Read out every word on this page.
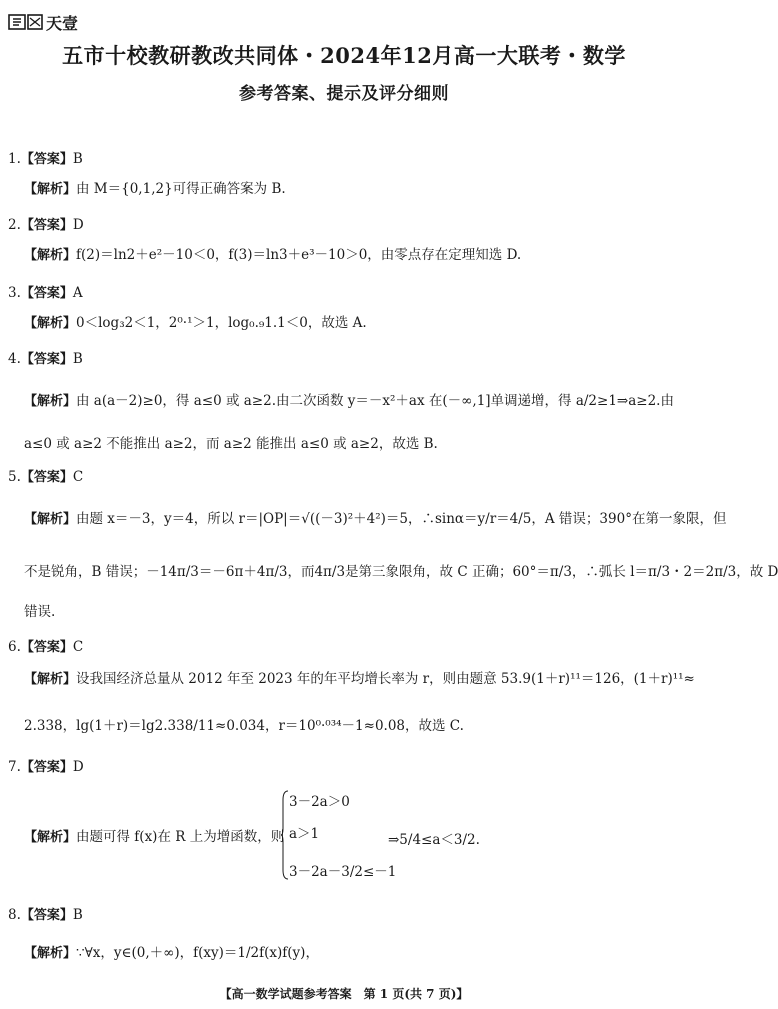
天壹
五市十校教研教改共同体・2024年12月高一大联考・数学
参考答案、提示及评分细则
1.【答案】B
【解析】由 M＝{0,1,2}可得正确答案为 B.
2.【答案】D
【解析】f(2)＝ln2＋e²－10＜0，f(3)＝ln3＋e³－10＞0，由零点存在定理知选 D.
3.【答案】A
【解析】0＜log₃2＜1，2⁰·¹＞1，log₀.₉1.1＜0，故选 A.
4.【答案】B
【解析】由 a(a－2)≥0，得 a≤0 或 a≥2.由二次函数 y＝－x²＋ax 在(－∞,1]单调递增，得 a/2≥1⇒a≥2.由
a≤0 或 a≥2 不能推出 a≥2，而 a≥2 能推出 a≤0 或 a≥2，故选 B.
5.【答案】C
【解析】由题 x＝－3，y＝4，所以 r＝|OP|＝√((－3)²＋4²)＝5，∴sinα＝y/r＝4/5，A 错误；390°在第一象限，但
不是锐角，B 错误；－14π/3＝－6π＋4π/3，而4π/3是第三象限角，故 C 正确；60°＝π/3，∴弧长 l＝π/3・2＝2π/3，故 D
错误.
6.【答案】C
【解析】设我国经济总量从 2012 年至 2023 年的年平均增长率为 r，则由题意 53.9(1＋r)¹¹＝126，(1＋r)¹¹≈
2.338，lg(1＋r)＝lg2.338/11≈0.034，r＝10⁰·⁰³⁴－1≈0.08，故选 C.
7.【答案】D
【解析】由题可得 f(x)在 R 上为增函数，则
3－2a＞0
a＞1
3－2a－3/2≤－1
⇒5/4≤a＜3/2.
8.【答案】B
【解析】∵∀x，y∈(0,＋∞)，f(xy)＝1/2f(x)f(y)，
【高一数学试题参考答案　第 1 页(共 7 页)】
